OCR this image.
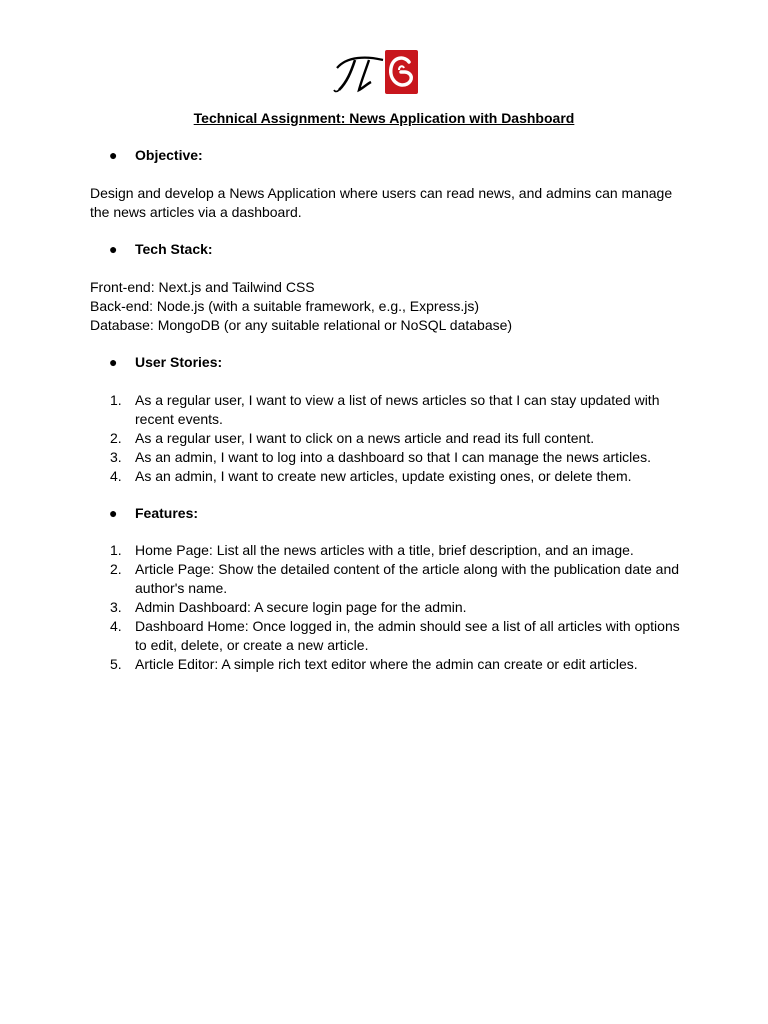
Technical Assignment: News Application with Dashboard
● Objective:

Design and develop a News Application where users can read news, and admins can manage the news articles via a dashboard.

● Tech Stack:

Front-end: Next.js and Tailwind CSS

Back-end: Node.js (with a suitable framework, e.g., Express.js)

Database: MongoDB (or any suitable relational or NoSQL database)

● User Stories:
1. As a regular user, I want to view a list of news articles so that I can stay updated with recent events.
2. As a regular user, I want to click on a news article and read its full content.
3. As an admin, I want to log into a dashboard so that I can manage the news articles.
4. As an admin, I want to create new articles, update existing ones, or delete them.
● Features:
1. Home Page: List all the news articles with a title, brief description, and an image.
2. Article Page: Show the detailed content of the article along with the publication date and author's name.
3. Admin Dashboard: A secure login page for the admin.
4. Dashboard Home: Once logged in, the admin should see a list of all articles with options to edit, delete, or create a new article.
5. Article Editor: A simple rich text editor where the admin can create or edit articles.
